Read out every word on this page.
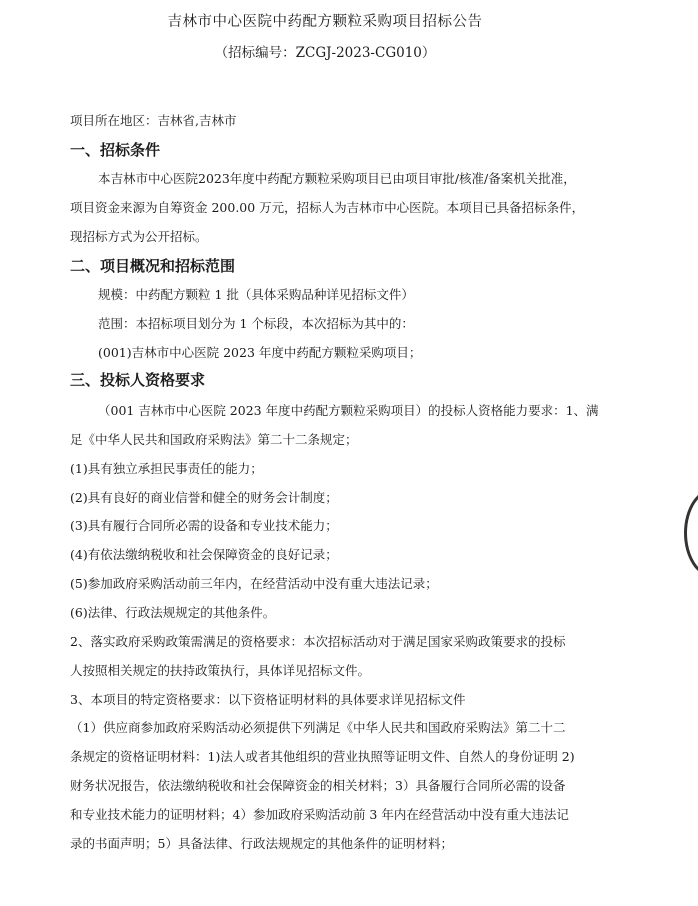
吉林市中心医院中药配方颗粒采购项目招标公告
（招标编号：ZCGJ-2023-CG010）
项目所在地区：吉林省,吉林市
一、招标条件
本吉林市中心医院2023年度中药配方颗粒采购项目已由项目审批/核准/备案机关批准，
项目资金来源为自筹资金 200.00 万元，招标人为吉林市中心医院。本项目已具备招标条件，
现招标方式为公开招标。
二、项目概况和招标范围
规模：中药配方颗粒 1 批（具体采购品种详见招标文件）
范围：本招标项目划分为 1 个标段，本次招标为其中的：
(001)吉林市中心医院 2023 年度中药配方颗粒采购项目；
三、投标人资格要求
（001 吉林市中心医院 2023 年度中药配方颗粒采购项目）的投标人资格能力要求：1、满
足《中华人民共和国政府采购法》第二十二条规定；
(1)具有独立承担民事责任的能力；
(2)具有良好的商业信誉和健全的财务会计制度；
(3)具有履行合同所必需的设备和专业技术能力；
(4)有依法缴纳税收和社会保障资金的良好记录；
(5)参加政府采购活动前三年内，在经营活动中没有重大违法记录；
(6)法律、行政法规规定的其他条件。
2、落实政府采购政策需满足的资格要求：本次招标活动对于满足国家采购政策要求的投标
人按照相关规定的扶持政策执行，具体详见招标文件。
3、本项目的特定资格要求：以下资格证明材料的具体要求详见招标文件
（1）供应商参加政府采购活动必须提供下列满足《中华人民共和国政府采购法》第二十二
条规定的资格证明材料：1)法人或者其他组织的营业执照等证明文件、自然人的身份证明 2)
财务状况报告，依法缴纳税收和社会保障资金的相关材料；3）具备履行合同所必需的设备
和专业技术能力的证明材料；4）参加政府采购活动前 3 年内在经营活动中没有重大违法记
录的书面声明；5）具备法律、行政法规规定的其他条件的证明材料；
